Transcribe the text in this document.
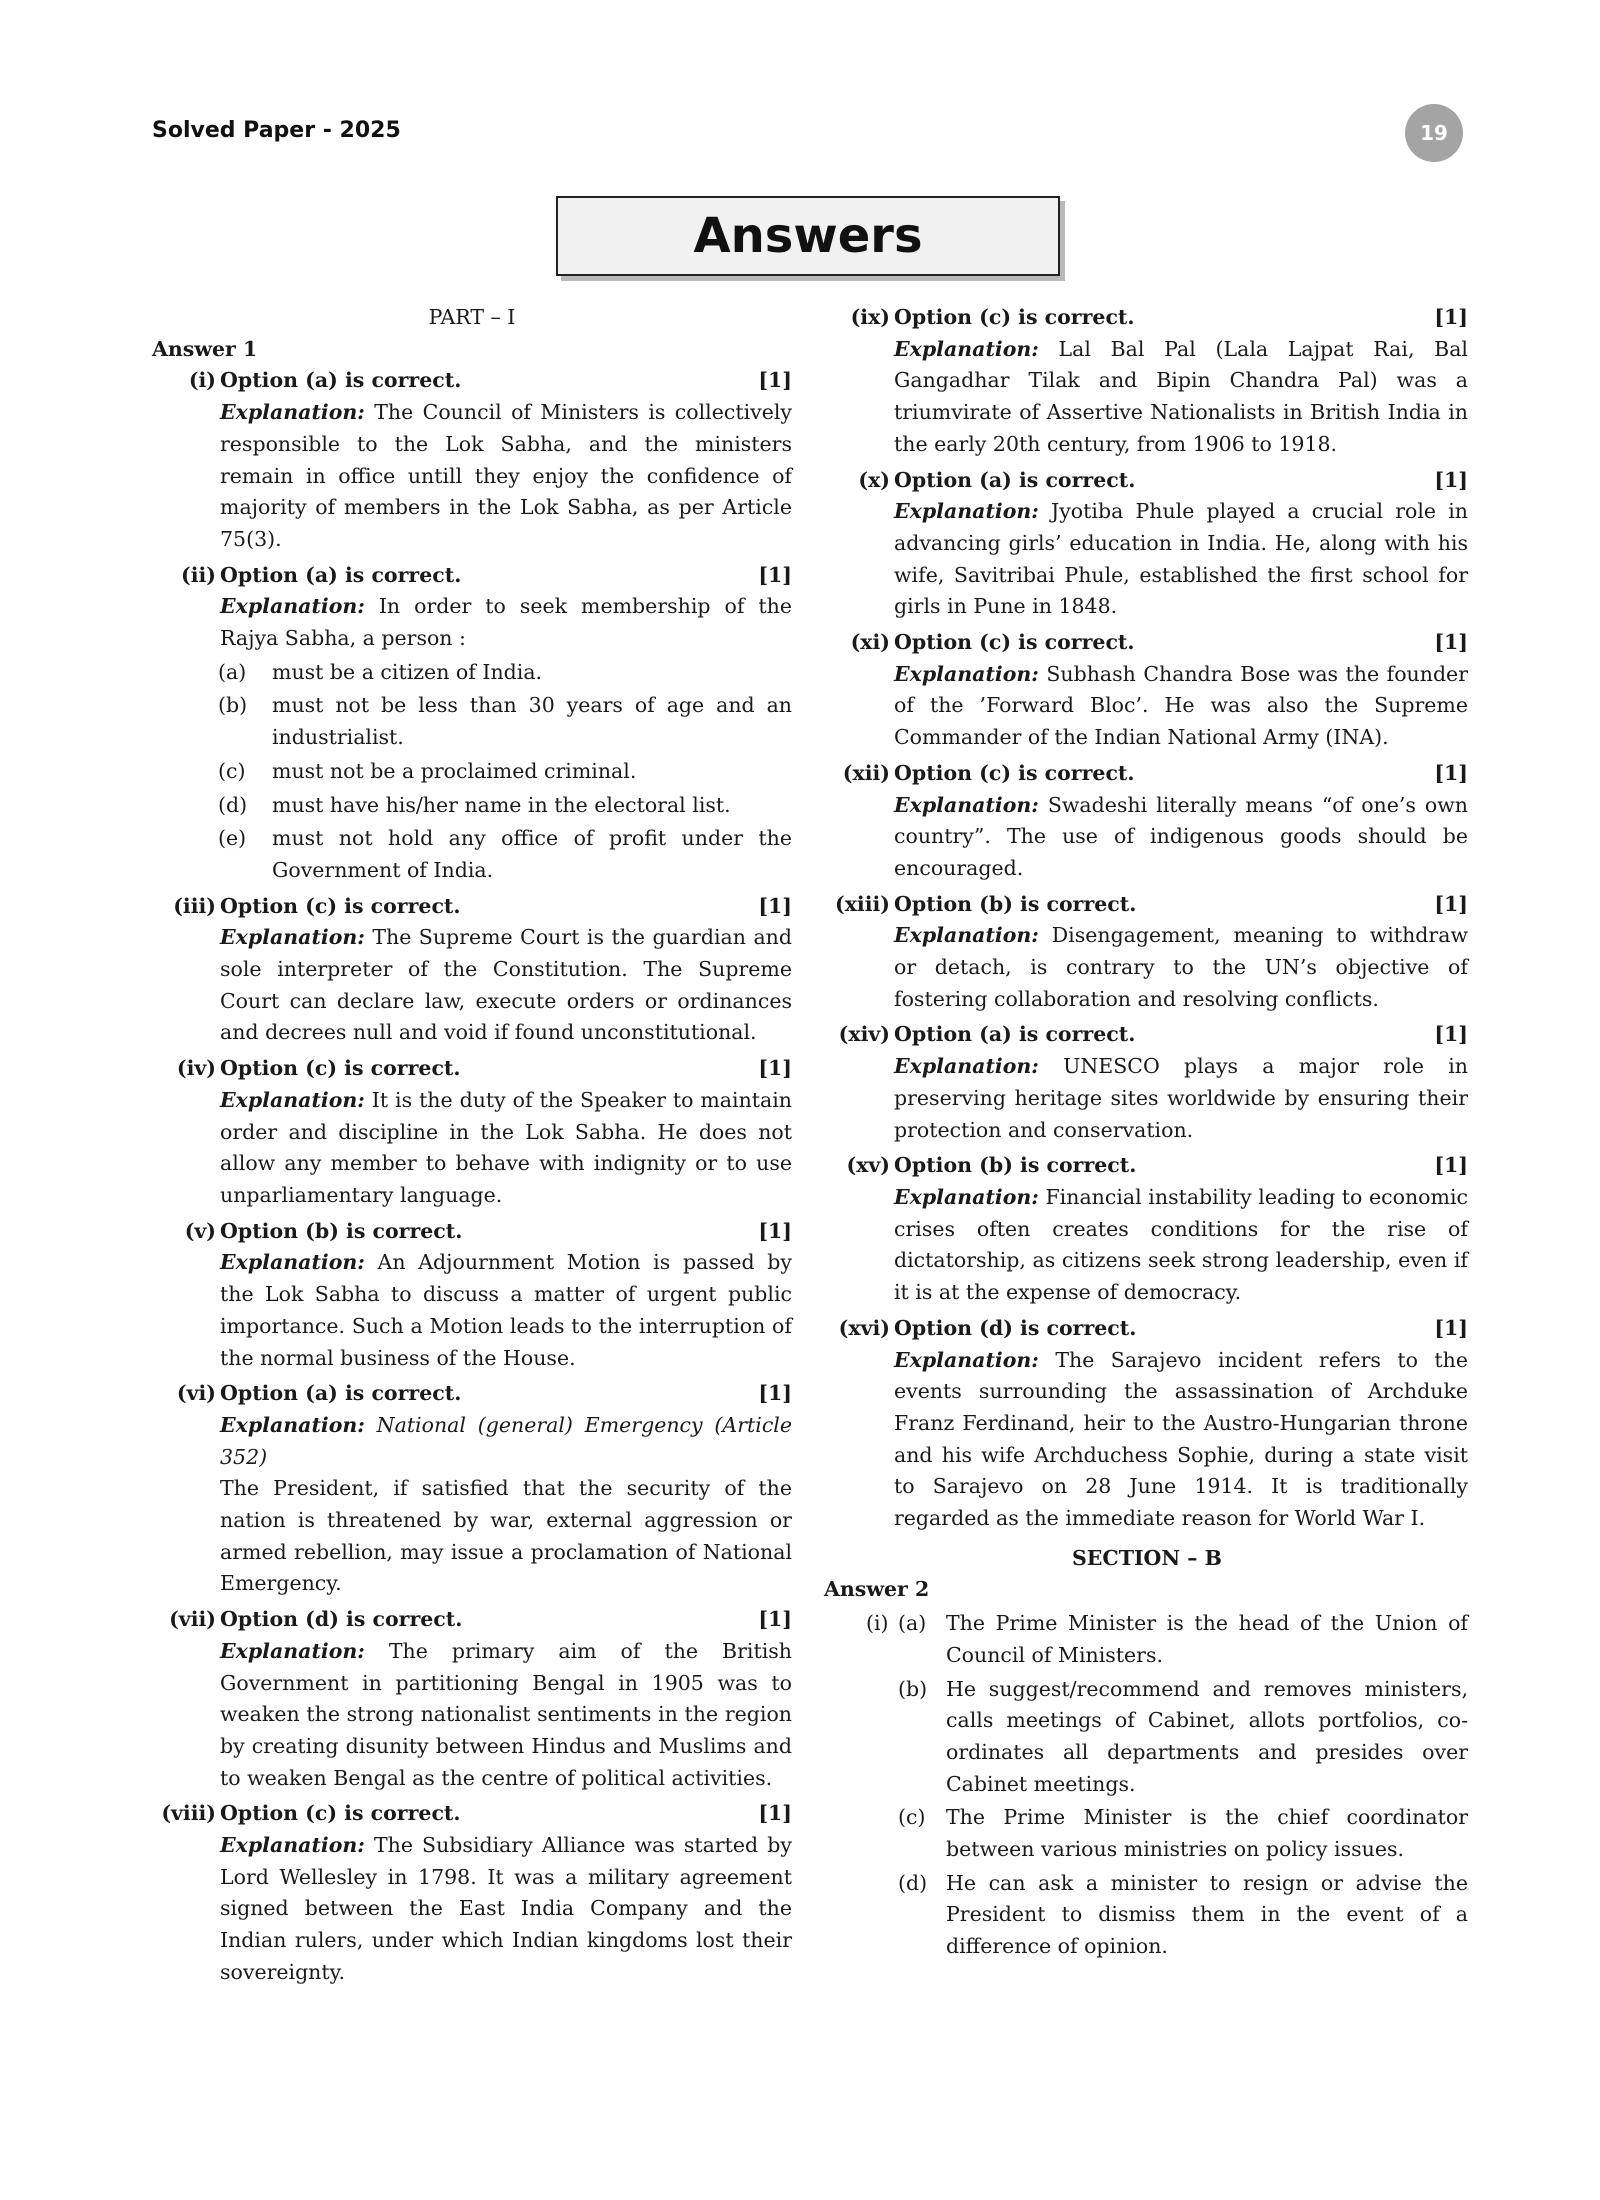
Solved Paper - 2025	19
Answers
PART – I
Answer 1
(i) Option (a) is correct.	[1]
Explanation: The Council of Ministers is collectively responsible to the Lok Sabha, and the ministers remain in office untill they enjoy the confidence of majority of members in the Lok Sabha, as per Article 75(3).
(ii) Option (a) is correct.	[1]
Explanation: In order to seek membership of the Rajya Sabha, a person :
(a) must be a citizen of India.
(b) must not be less than 30 years of age and an industrialist.
(c) must not be a proclaimed criminal.
(d) must have his/her name in the electoral list.
(e) must not hold any office of profit under the Government of India.
(iii) Option (c) is correct.	[1]
Explanation: The Supreme Court is the guardian and sole interpreter of the Constitution. The Supreme Court can declare law, execute orders or ordinances and decrees null and void if found unconstitutional.
(iv) Option (c) is correct.	[1]
Explanation: It is the duty of the Speaker to maintain order and discipline in the Lok Sabha. He does not allow any member to behave with indignity or to use unparliamentary language.
(v) Option (b) is correct.	[1]
Explanation: An Adjournment Motion is passed by the Lok Sabha to discuss a matter of urgent public importance. Such a Motion leads to the interruption of the normal business of the House.
(vi) Option (a) is correct.	[1]
Explanation: National (general) Emergency (Article 352)
The President, if satisfied that the security of the nation is threatened by war, external aggression or armed rebellion, may issue a proclamation of National Emergency.
(vii) Option (d) is correct.	[1]
Explanation: The primary aim of the British Government in partitioning Bengal in 1905 was to weaken the strong nationalist sentiments in the region by creating disunity between Hindus and Muslims and to weaken Bengal as the centre of political activities.
(viii) Option (c) is correct.	[1]
Explanation: The Subsidiary Alliance was started by Lord Wellesley in 1798. It was a military agreement signed between the East India Company and the Indian rulers, under which Indian kingdoms lost their sovereignty.
(ix) Option (c) is correct.	[1]
Explanation: Lal Bal Pal (Lala Lajpat Rai, Bal Gangadhar Tilak and Bipin Chandra Pal) was a triumvirate of Assertive Nationalists in British India in the early 20th century, from 1906 to 1918.
(x) Option (a) is correct.	[1]
Explanation: Jyotiba Phule played a crucial role in advancing girls’ education in India. He, along with his wife, Savitribai Phule, established the first school for girls in Pune in 1848.
(xi) Option (c) is correct.	[1]
Explanation: Subhash Chandra Bose was the founder of the ’Forward Bloc’. He was also the Supreme Commander of the Indian National Army (INA).
(xii) Option (c) is correct.	[1]
Explanation: Swadeshi literally means “of one’s own country”. The use of indigenous goods should be encouraged.
(xiii) Option (b) is correct.	[1]
Explanation: Disengagement, meaning to withdraw or detach, is contrary to the UN’s objective of fostering collaboration and resolving conflicts.
(xiv) Option (a) is correct.	[1]
Explanation: UNESCO plays a major role in preserving heritage sites worldwide by ensuring their protection and conservation.
(xv) Option (b) is correct.	[1]
Explanation: Financial instability leading to economic crises often creates conditions for the rise of dictatorship, as citizens seek strong leadership, even if it is at the expense of democracy.
(xvi) Option (d) is correct.	[1]
Explanation: The Sarajevo incident refers to the events surrounding the assassination of Archduke Franz Ferdinand, heir to the Austro-Hungarian throne and his wife Archduchess Sophie, during a state visit to Sarajevo on 28 June 1914. It is traditionally regarded as the immediate reason for World War I.
SECTION – B
Answer 2
(i) (a) The Prime Minister is the head of the Union of Council of Ministers.
(b) He suggest/recommend and removes ministers, calls meetings of Cabinet, allots portfolios, co-ordinates all departments and presides over Cabinet meetings.
(c) The Prime Minister is the chief coordinator between various ministries on policy issues.
(d) He can ask a minister to resign or advise the President to dismiss them in the event of a difference of opinion.
